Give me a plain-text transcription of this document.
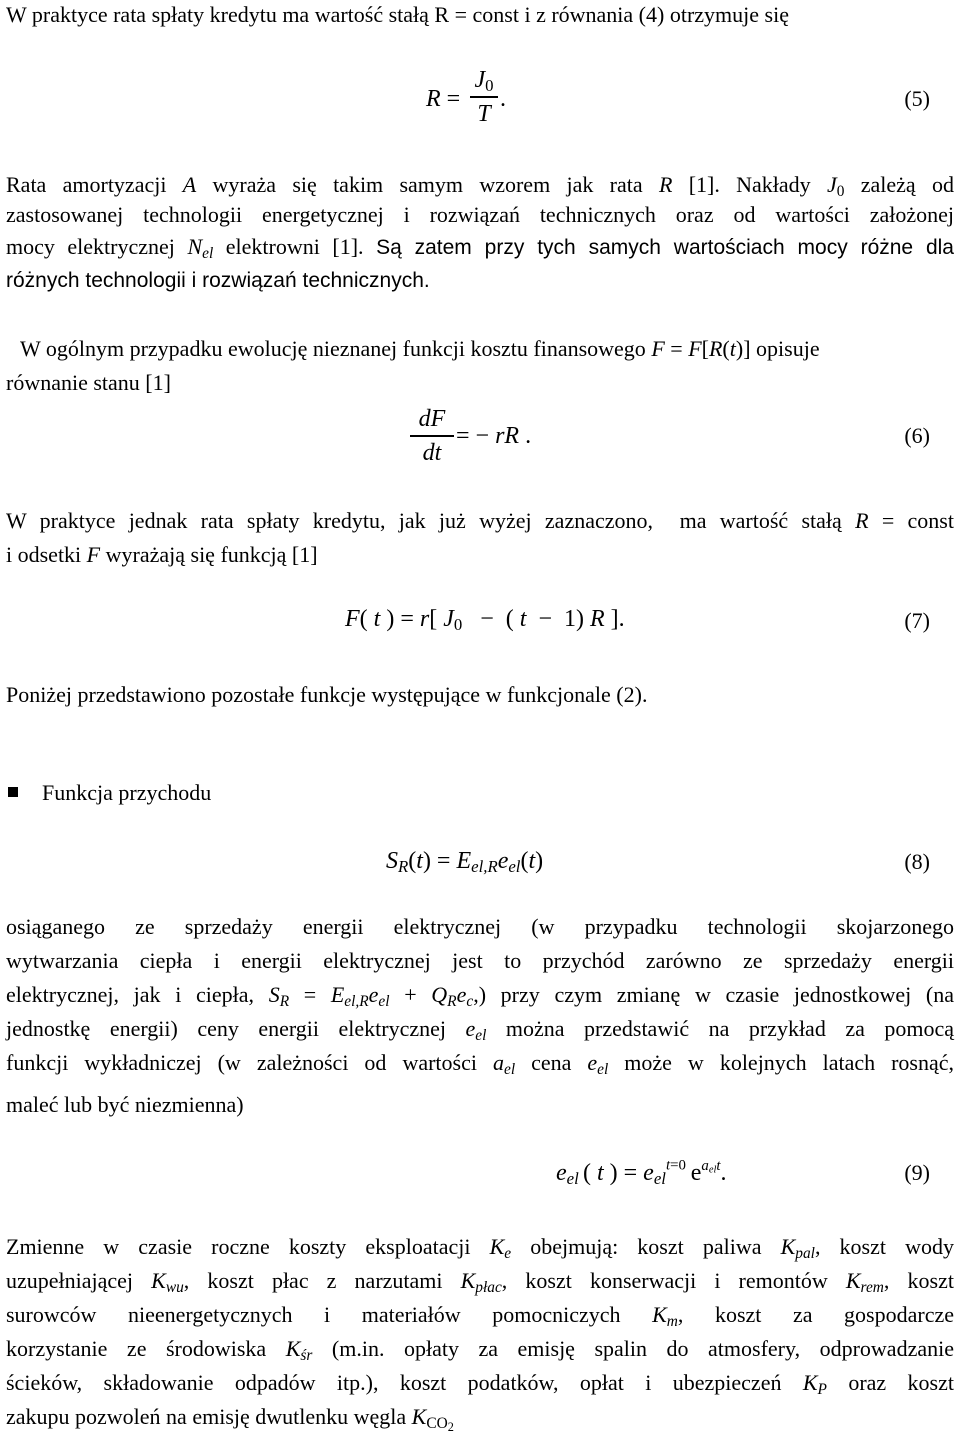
W praktyce rata spłaty kredytu ma wartość stałą R = const i z równania (4) otrzymuje się
R =
$J_0$
T
.	(5)
Rata amortyzacji A wyraża się takim samym wzorem jak rata R [1]. Nakłady $J_0$ zależą od
zastosowanej technologii energetycznej i rozwiązań technicznych oraz od wartości założonej
mocy elektrycznej $N_{el}$ elektrowni [1]. Są zatem przy tych samych wartościach mocy różne dla
różnych technologii i rozwiązań technicznych.
W ogólnym przypadku ewolucję nieznanej funkcji kosztu finansowego F = F[R(t)] opisuje
równanie stanu [1]
dF
dt
= − rR .	(6)
W praktyce jednak rata spłaty kredytu, jak już wyżej zaznaczono,  ma wartość stałą R = const
i odsetki F wyrażają się funkcją [1]
F( t ) = r[ $J_0$   −  ( t  −  1) R ].	(7)
Poniżej przedstawiono pozostałe funkcje występujące w funkcjonale (2).
Funkcja przychodu
$S_R(t) = E_{el,R}e_{el}(t)$	(8)
osiąganego ze sprzedaży energii elektrycznej (w przypadku technologii skojarzonego
wytwarzania ciepła i energii elektrycznej jest to przychód zarówno ze sprzedaży energii
elektrycznej, jak i ciepła, $S_R = E_{el,R}e_{el} + Q_Re_c$,) przy czym zmianę w czasie jednostkowej (na
jednostkę energii) ceny energii elektrycznej $e_{el}$ można przedstawić na przykład za pomocą
funkcji wykładniczej (w zależności od wartości $a_{el}$ cena $e_{el}$ może w kolejnych latach rosnąć,
maleć lub być niezmienna)
$e_{el}$ ( t ) = $e_{el}^{t=0}$ $e^{a_{el}t}$.	(9)
Zmienne w czasie roczne koszty eksploatacji $K_e$ obejmują: koszt paliwa $K_{pal}$, koszt wody
uzupełniającej $K_{wu}$, koszt płac z narzutami $K_{płac}$, koszt konserwacji i remontów $K_{rem}$, koszt
surowców nieenergetycznych i materiałów pomocniczych $K_m$, koszt za gospodarcze
korzystanie ze środowiska $K_{śr}$ (m.in. opłaty za emisję spalin do atmosfery, odprowadzanie
ścieków, składowanie odpadów itp.), koszt podatków, opłat i ubezpieczeń $K_P$ oraz koszt
zakupu pozwoleń na emisję dwutlenku węgla $K_{CO_2}$
